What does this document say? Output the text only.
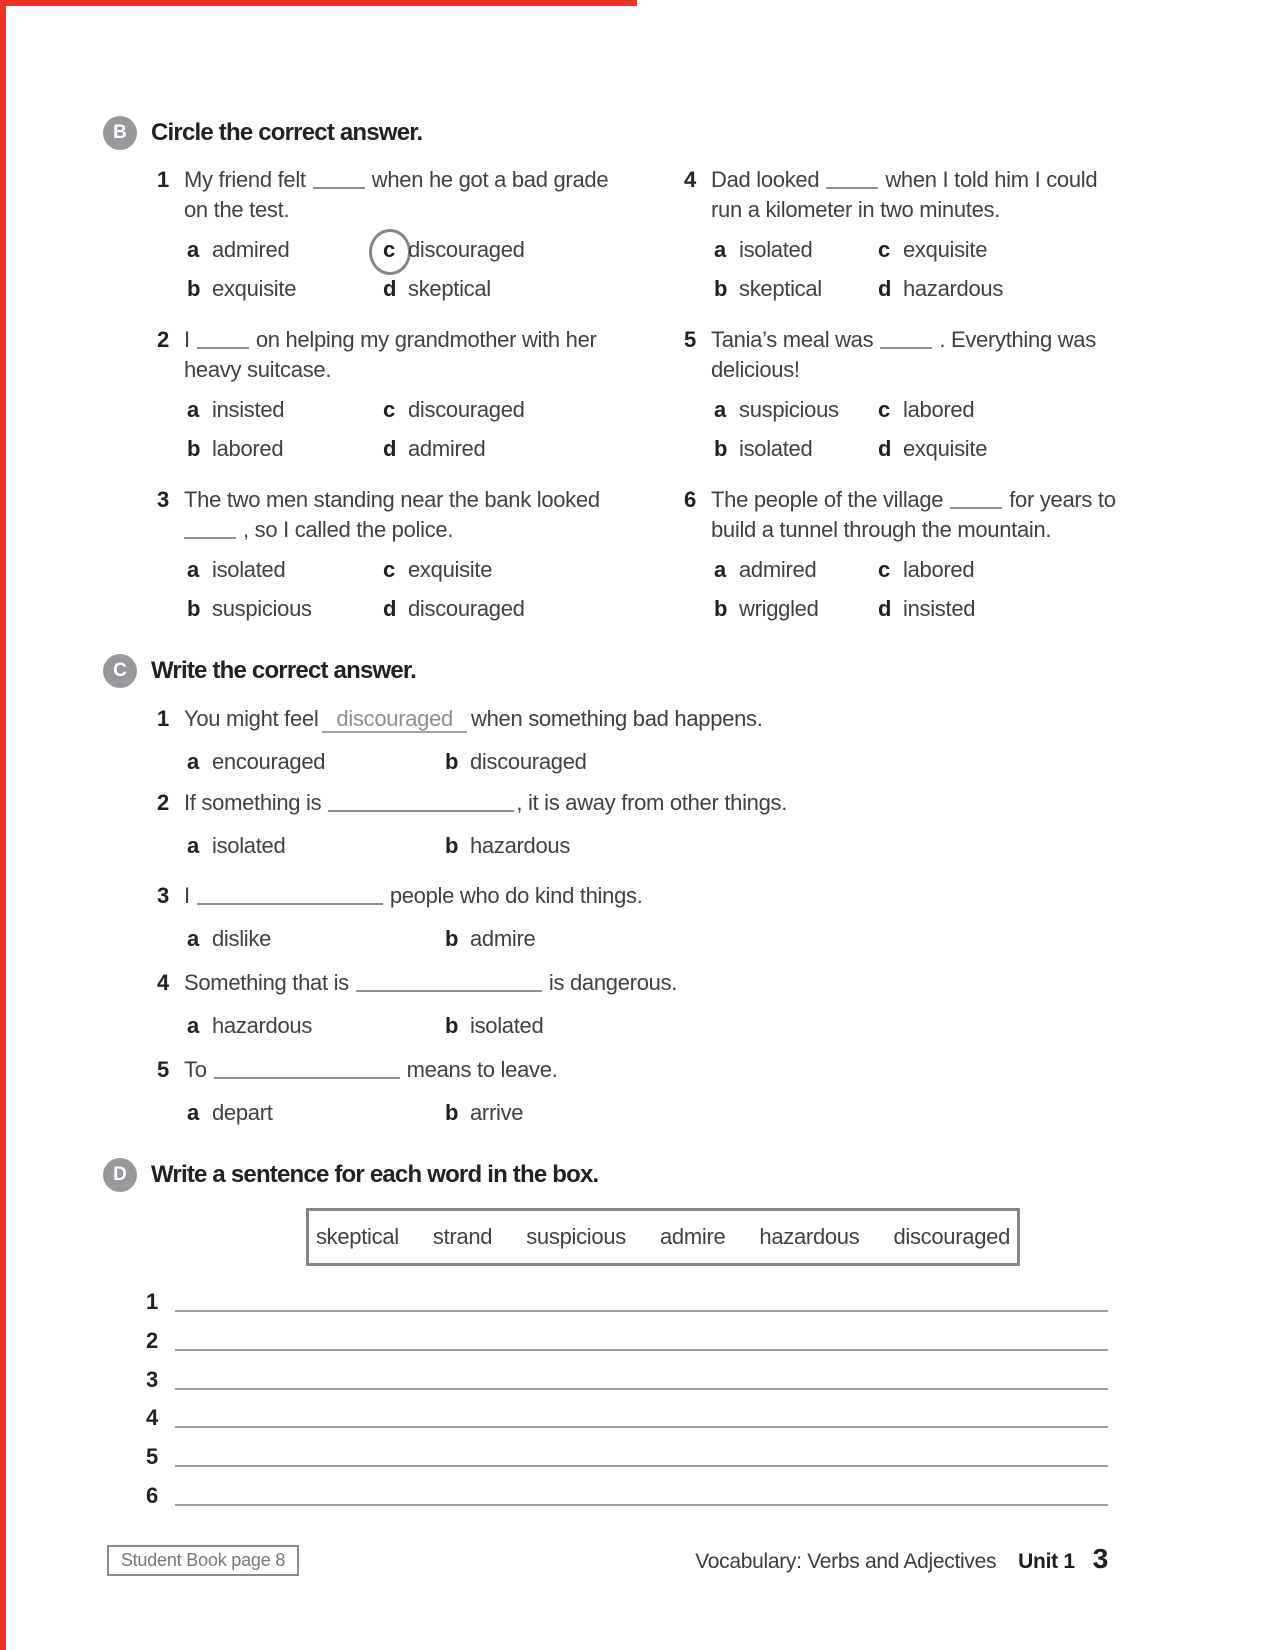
B	Circle the correct answer.
1 My friend felt	when he got a bad grade
on the test.
a admired
b exquisite
c discouraged
d skeptical
2 I	on helping my grandmother with her
heavy suitcase.
a insisted
b labored
c discouraged
d admired
3 The two men standing near the bank looked
, so I called the police.
a isolated
b suspicious
c exquisite
d discouraged
4 Dad looked	when I told him I could
run a kilometer in two minutes.
a isolated
b skeptical
c exquisite
d hazardous
5 Tania’s meal was	. Everything was
delicious!
a suspicious
b isolated
c labored
d exquisite
6 The people of the village	for years to
build a tunnel through the mountain.
a admired
b wriggled
c labored
d insisted
C	Write the correct answer.
1 You might feel discouraged when something bad happens.
a encouraged	b discouraged
2 If something is	, it is away from other things.
a isolated	b hazardous
3 I	people who do kind things.
a dislike	b admire
4 Something that is	is dangerous.
a hazardous	b isolated
5 To	means to leave.
a depart	b arrive
D	Write a sentence for each word in the box.
skeptical strand suspicious admire hazardous discouraged
1
2
3
4
5
6
Student Book page 8	Vocabulary: Verbs and Adjectives Unit 1 3
